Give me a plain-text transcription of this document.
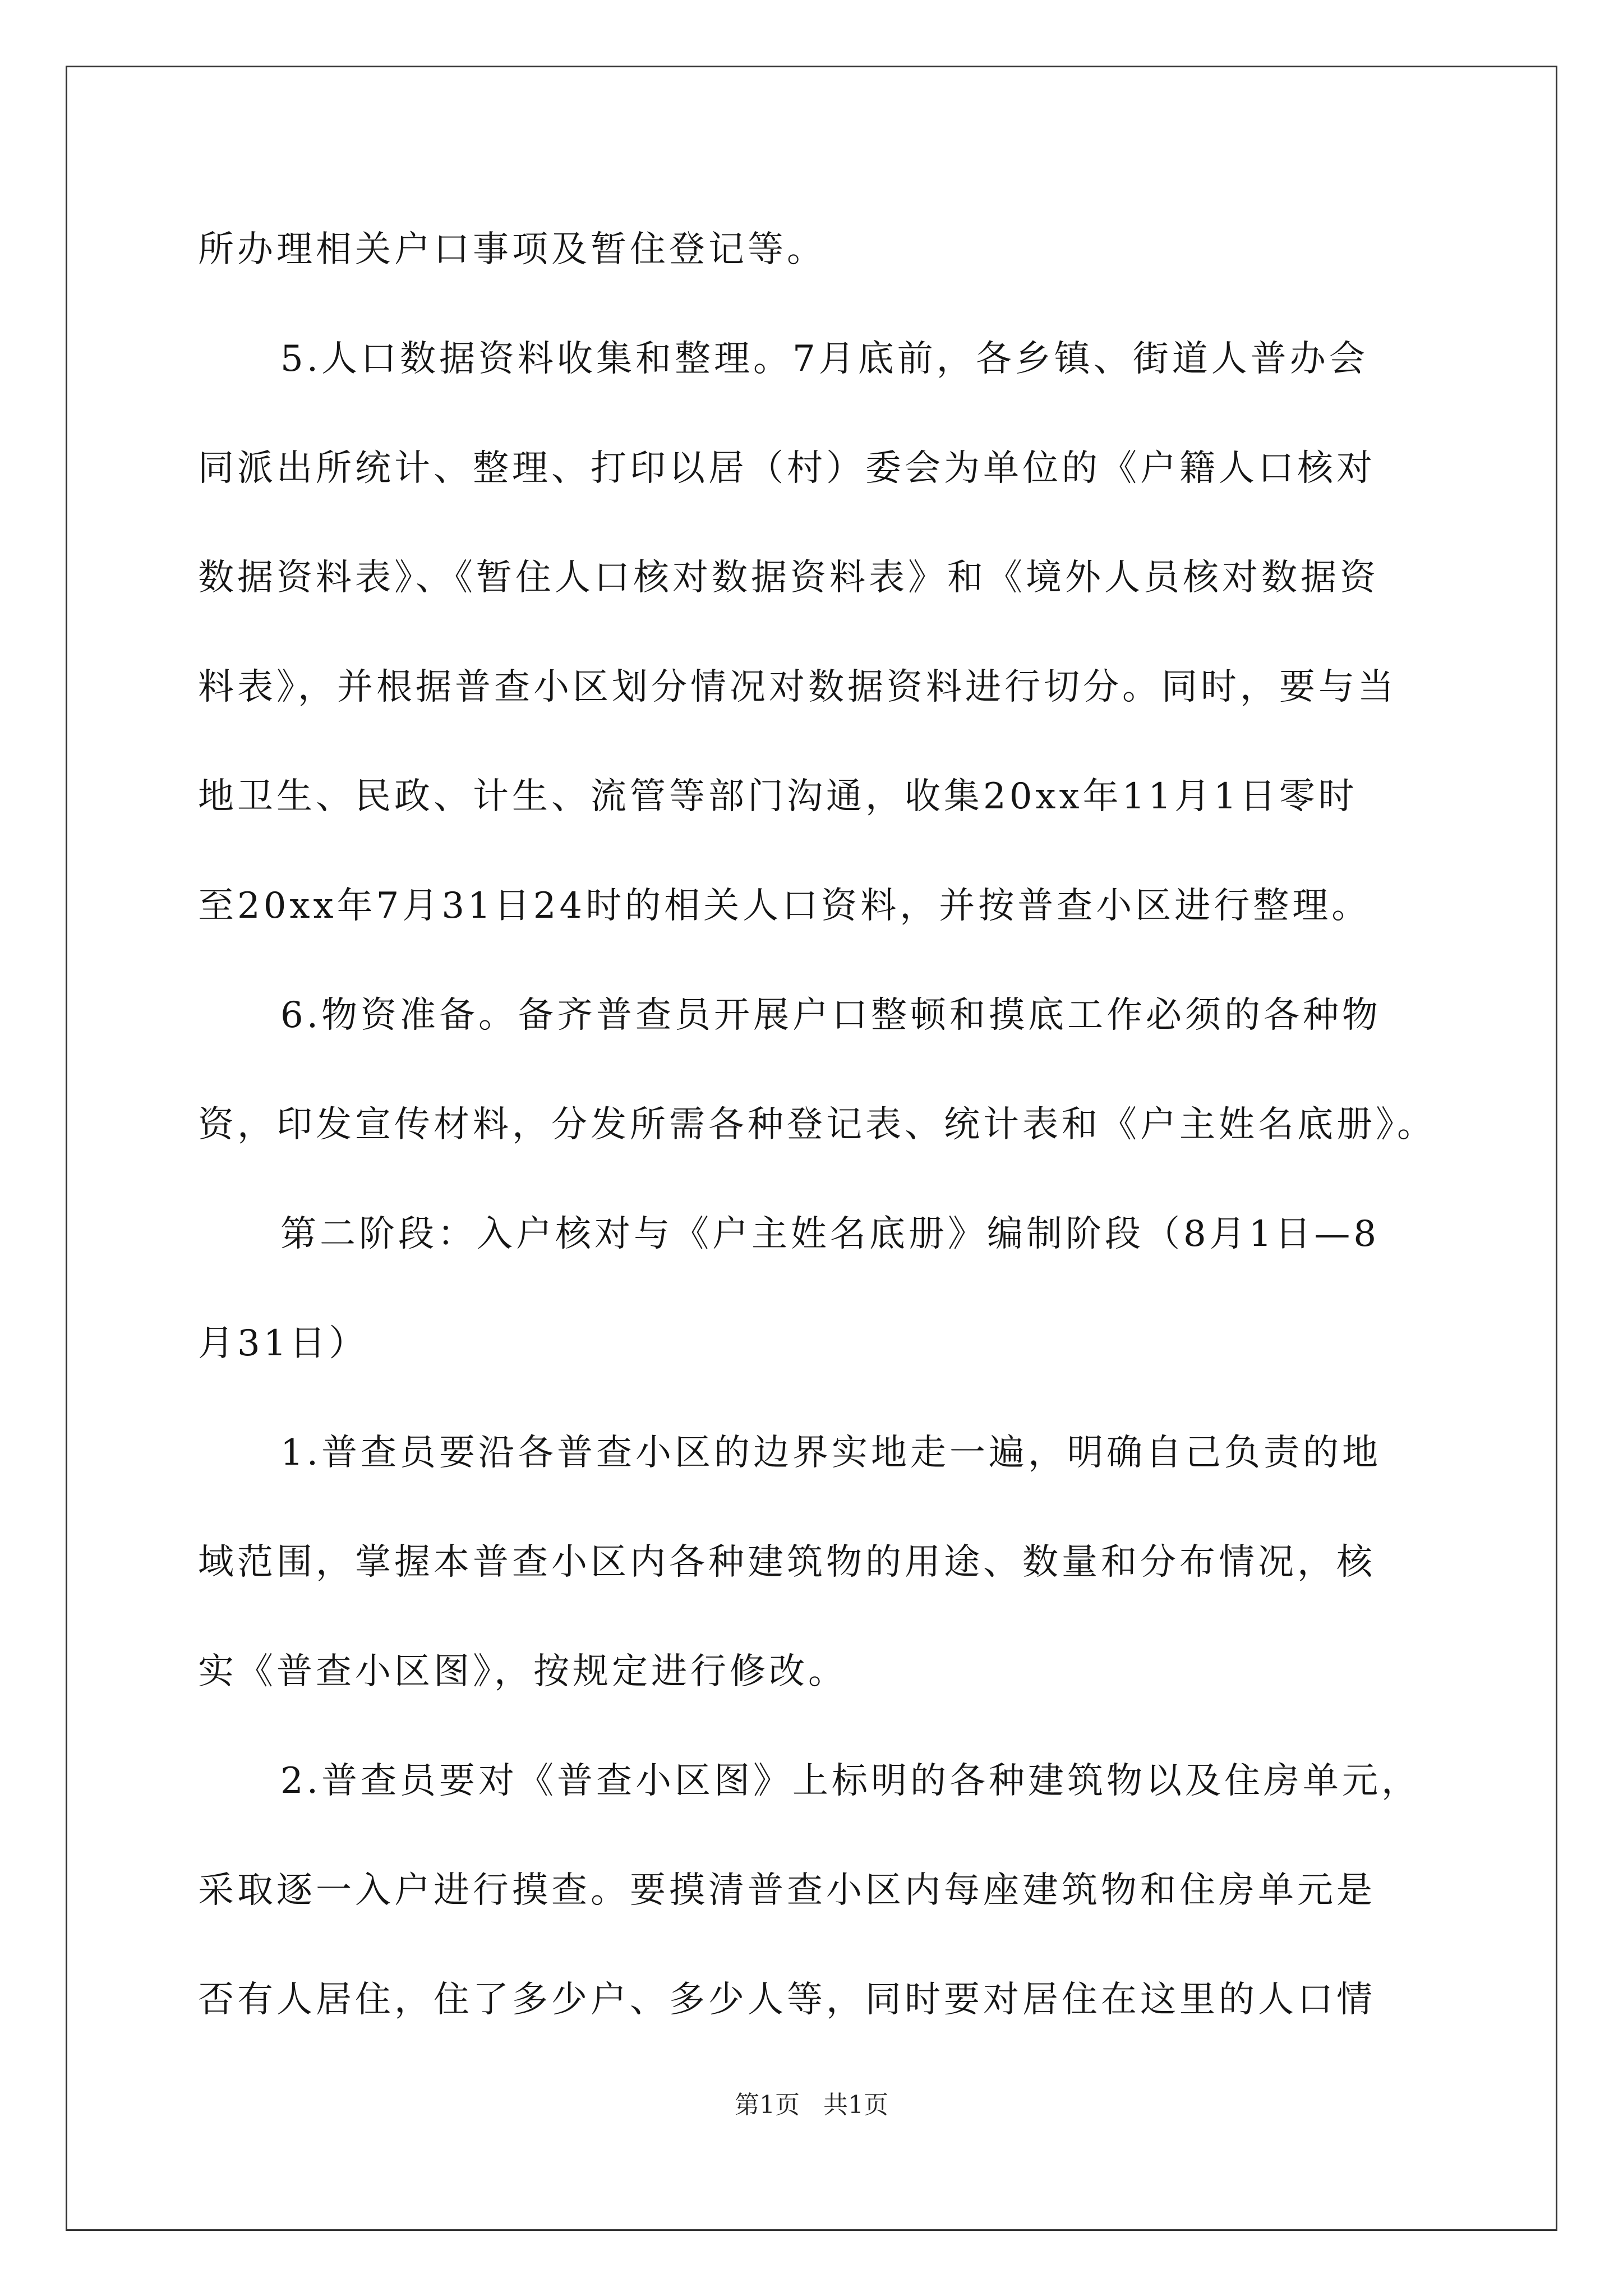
所办理相关户口事项及暂住登记等。
5.人口数据资料收集和整理。7月底前，各乡镇、街道人普办会
同派出所统计、整理、打印以居（村）委会为单位的《户籍人口核对
数据资料表》、《暂住人口核对数据资料表》和《境外人员核对数据资
料表》，并根据普查小区划分情况对数据资料进行切分。同时，要与当
地卫生、民政、计生、流管等部门沟通，收集20xx年11月1日零时
至20xx年7月31日24时的相关人口资料，并按普查小区进行整理。
6.物资准备。备齐普查员开展户口整顿和摸底工作必须的各种物
资，印发宣传材料，分发所需各种登记表、统计表和《户主姓名底册》。
第二阶段：入户核对与《户主姓名底册》编制阶段（8月1日—8
月31日）
1.普查员要沿各普查小区的边界实地走一遍，明确自己负责的地
域范围，掌握本普查小区内各种建筑物的用途、数量和分布情况，核
实《普查小区图》，按规定进行修改。
2.普查员要对《普查小区图》上标明的各种建筑物以及住房单元，
采取逐一入户进行摸查。要摸清普查小区内每座建筑物和住房单元是
否有人居住，住了多少户、多少人等，同时要对居住在这里的人口情
第1页 共1页
